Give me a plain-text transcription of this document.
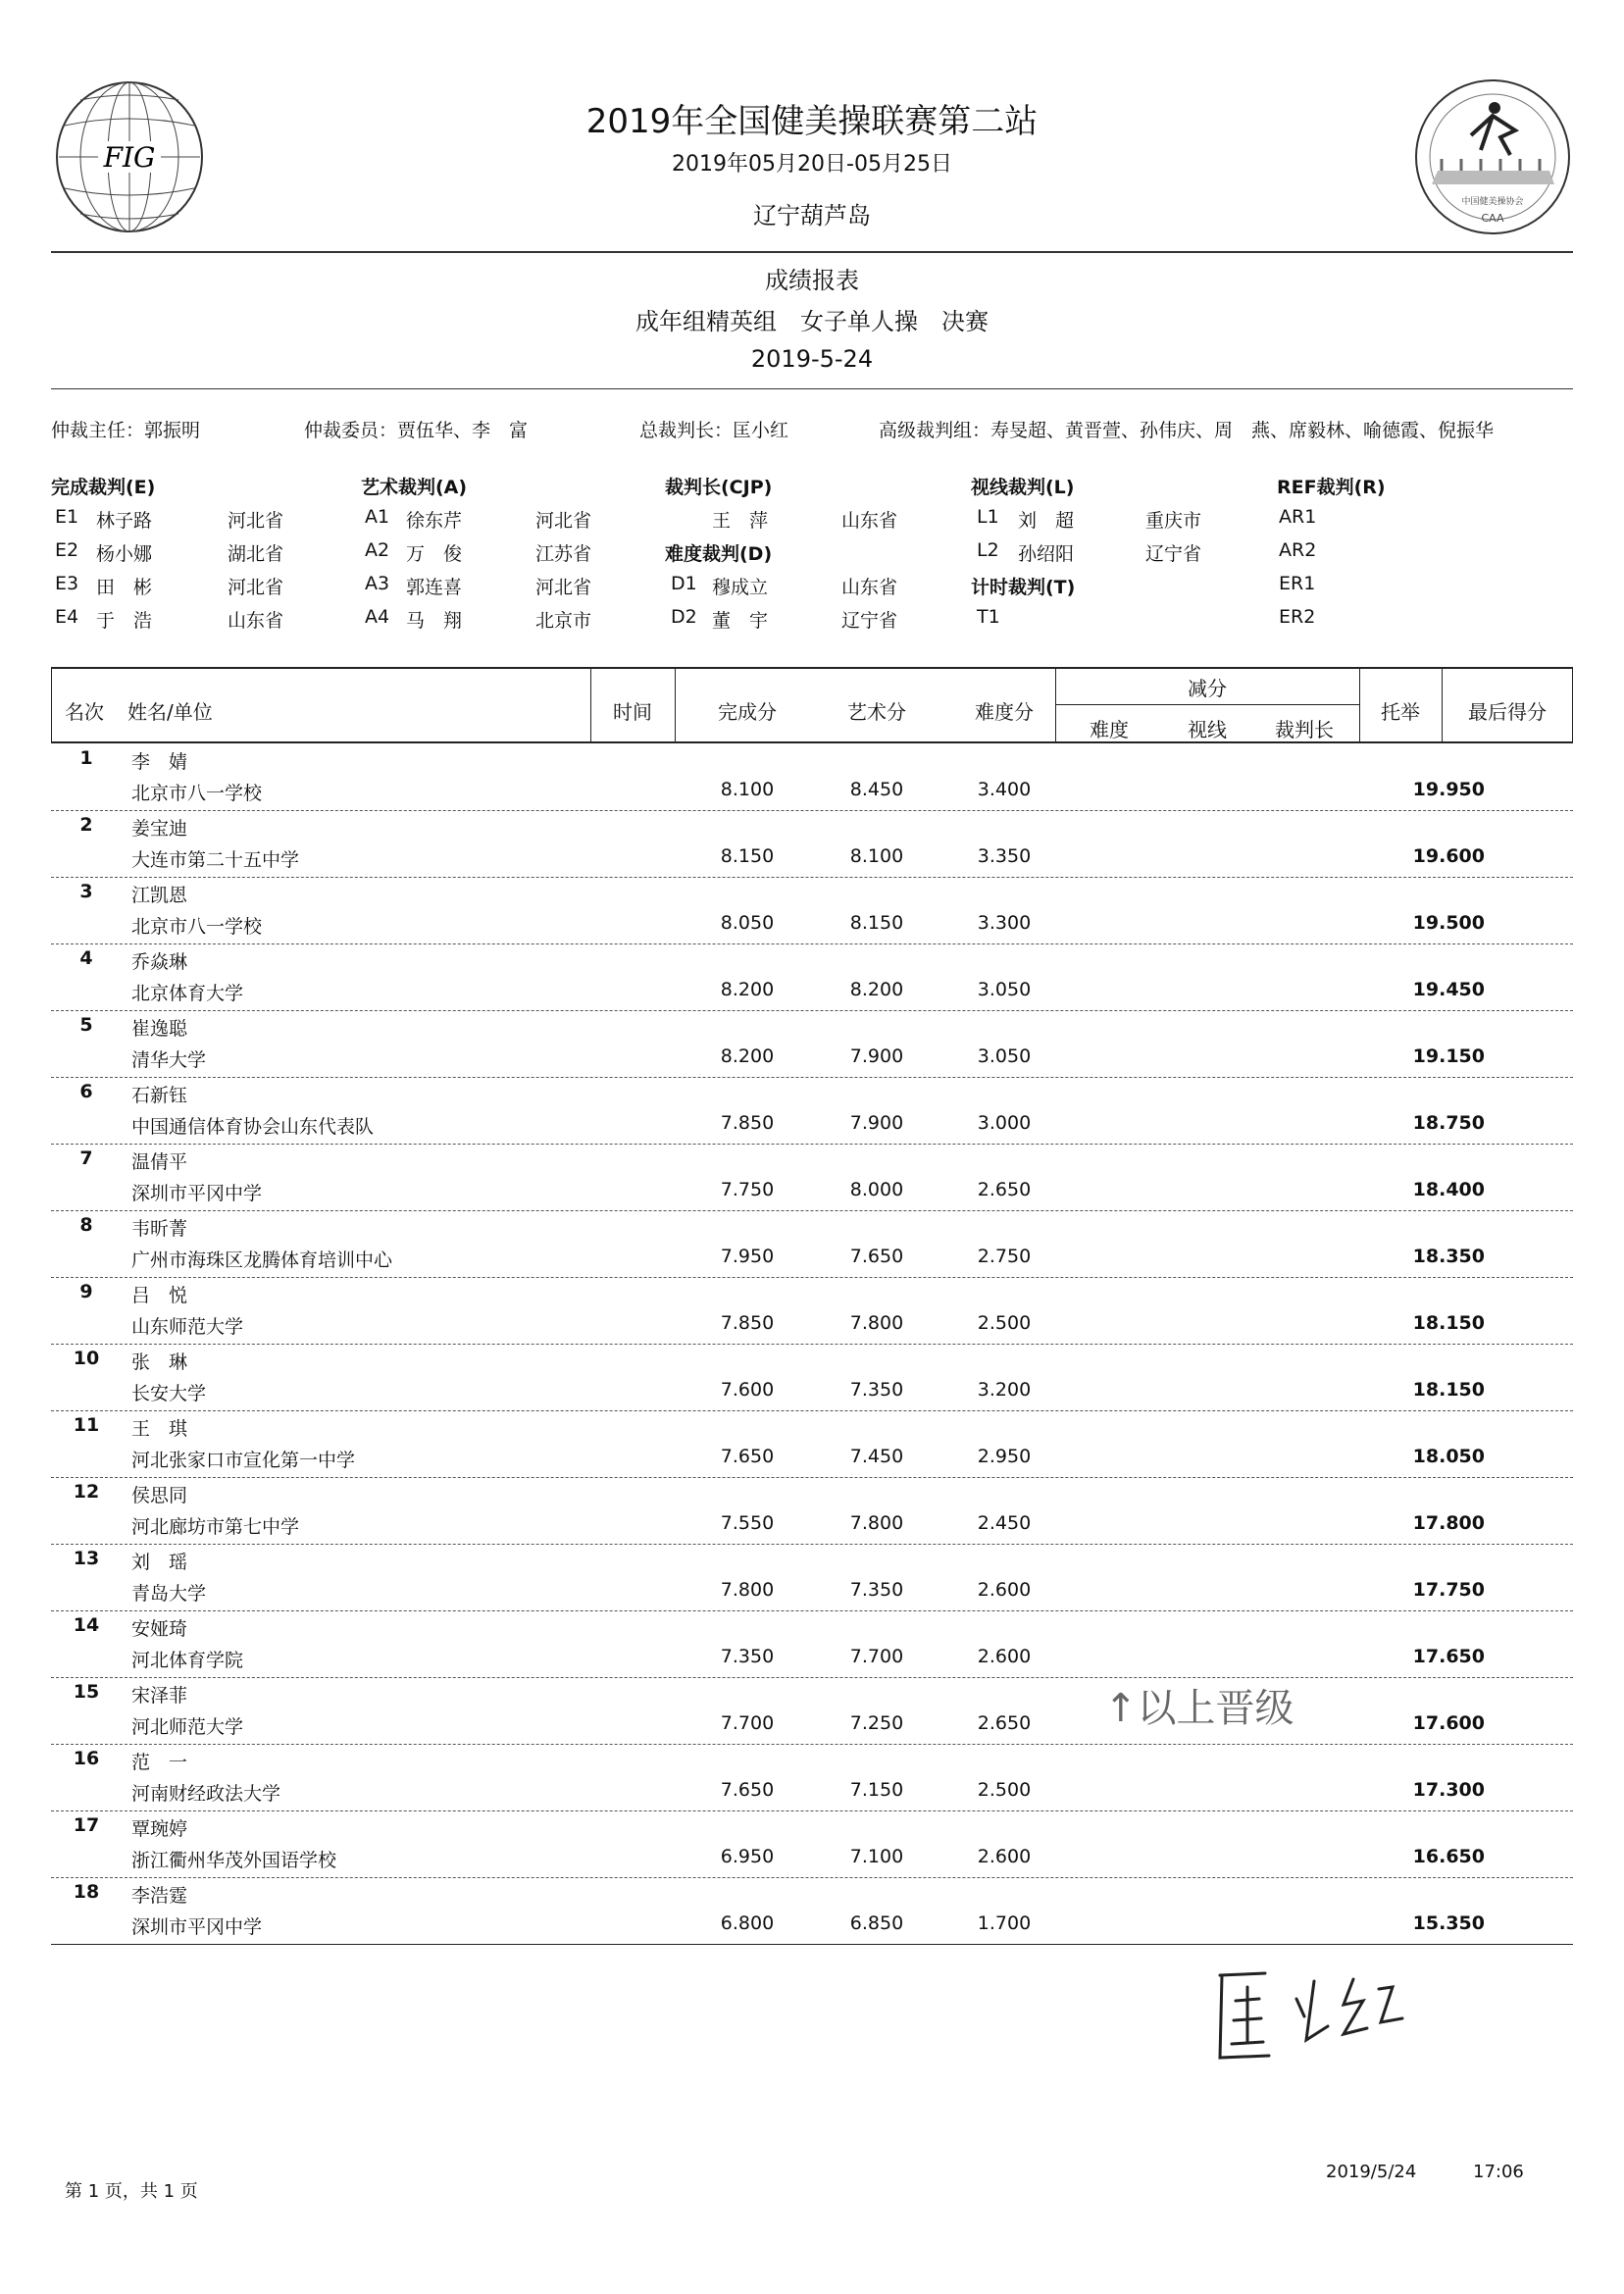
FIG
中国健美操协会
CAA
2019年全国健美操联赛第二站
2019年05月20日-05月25日
辽宁葫芦岛
成绩报表
成年组精英组　女子单人操　决赛
2019-5-24
仲裁主任：郭振明	仲裁委员：贾伍华、李　富	总裁判长：匡小红	高级裁判组：寿旻超、黄晋萱、孙伟庆、周　燕、席毅林、喻德霞、倪振华
完成裁判(E)	艺术裁判(A)	裁判长(CJP)	视线裁判(L)	REF裁判(R)
E1 林子路	河北省
E2 杨小娜	湖北省
E3 田　彬	河北省
E4 于　浩	山东省
A1 徐东芹	河北省
A2 万　俊	江苏省
A3 郭连喜	河北省
A4 马　翔	北京市
王　萍	山东省
难度裁判(D)
D1 穆成立	山东省
D2 董　宇	辽宁省
L1 刘　超	重庆市
L2 孙绍阳	辽宁省
计时裁判(T)
T1
AR1
AR2
ER1
ER2
名次	姓名/单位	时间	完成分	艺术分	难度分
减分
难度	视线	裁判长
托举	最后得分
1	李　婧
北京市八一学校	8.100	8.450	3.400	19.950
2	姜宝迪
大连市第二十五中学	8.150	8.100	3.350	19.600
3	江凯恩
北京市八一学校	8.050	8.150	3.300	19.500
4	乔焱琳
北京体育大学	8.200	8.200	3.050	19.450
5	崔逸聪
清华大学	8.200	7.900	3.050	19.150
6	石新钰
中国通信体育协会山东代表队	7.850	7.900	3.000	18.750
7	温倩平
深圳市平冈中学	7.750	8.000	2.650	18.400
8	韦昕菁
广州市海珠区龙腾体育培训中心	7.950	7.650	2.750	18.350
9	吕　悦
山东师范大学	7.850	7.800	2.500	18.150
10	张　琳
长安大学	7.600	7.350	3.200	18.150
11	王　琪
河北张家口市宣化第一中学	7.650	7.450	2.950	18.050
12	侯思同
河北廊坊市第七中学	7.550	7.800	2.450	17.800
13	刘　瑶
青岛大学	7.800	7.350	2.600	17.750
14	安娅琦
河北体育学院	7.350	7.700	2.600	17.650
15	宋泽菲
河北师范大学	7.700	7.250	2.650	17.600
16	范　一
河南财经政法大学	7.650	7.150	2.500	17.300
17	覃琬婷
浙江衢州华茂外国语学校	6.950	7.100	2.600	16.650
18	李浩霆
深圳市平冈中学	6.800	6.850	1.700	15.350
↑以上晋级
第 1 页，共 1 页
2019/5/24	17:06
